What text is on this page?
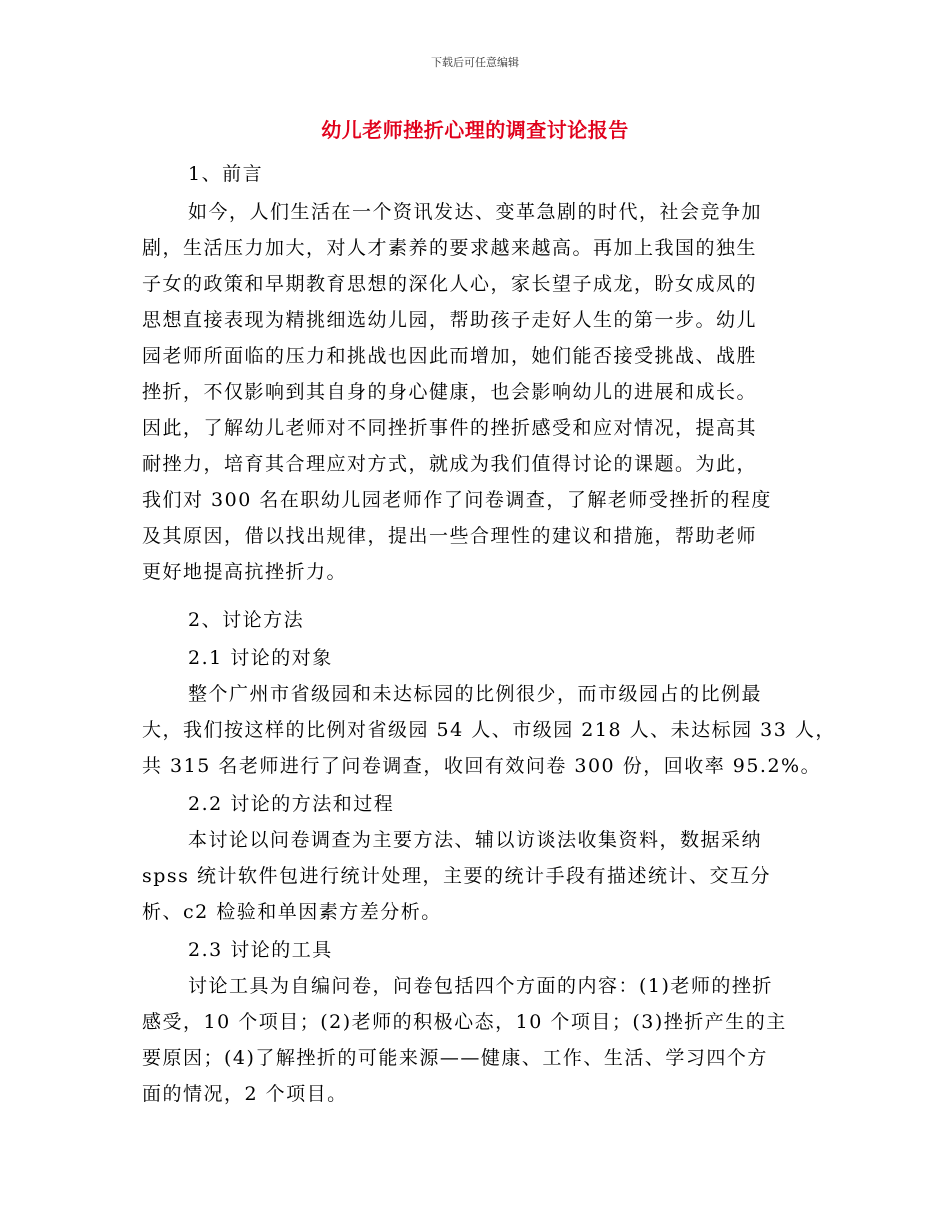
下载后可任意编辑
幼儿老师挫折心理的调查讨论报告
1、前言
如今，人们生活在一个资讯发达、变革急剧的时代，社会竞争加
剧，生活压力加大，对人才素养的要求越来越高。再加上我国的独生
子女的政策和早期教育思想的深化人心，家长望子成龙，盼女成凤的
思想直接表现为精挑细选幼儿园，帮助孩子走好人生的第一步。幼儿
园老师所面临的压力和挑战也因此而增加，她们能否接受挑战、战胜
挫折，不仅影响到其自身的身心健康，也会影响幼儿的进展和成长。
因此，了解幼儿老师对不同挫折事件的挫折感受和应对情况，提高其
耐挫力，培育其合理应对方式，就成为我们值得讨论的课题。为此，
我们对 300 名在职幼儿园老师作了问卷调查，了解老师受挫折的程度
及其原因，借以找出规律，提出一些合理性的建议和措施，帮助老师
更好地提高抗挫折力。
2、讨论方法
2.1 讨论的对象
整个广州市省级园和未达标园的比例很少，而市级园占的比例最
大，我们按这样的比例对省级园 54 人、市级园 218 人、未达标园 33 人，
共 315 名老师进行了问卷调查，收回有效问卷 300 份，回收率 95.2%。
2.2 讨论的方法和过程
本讨论以问卷调查为主要方法、辅以访谈法收集资料，数据采纳
spss 统计软件包进行统计处理，主要的统计手段有描述统计、交互分
析、c2 检验和单因素方差分析。
2.3 讨论的工具
讨论工具为自编问卷，问卷包括四个方面的内容：(1)老师的挫折
感受，10 个项目；(2)老师的积极心态，10 个项目；(3)挫折产生的主
要原因；(4)了解挫折的可能来源——健康、工作、生活、学习四个方
面的情况，2 个项目。
